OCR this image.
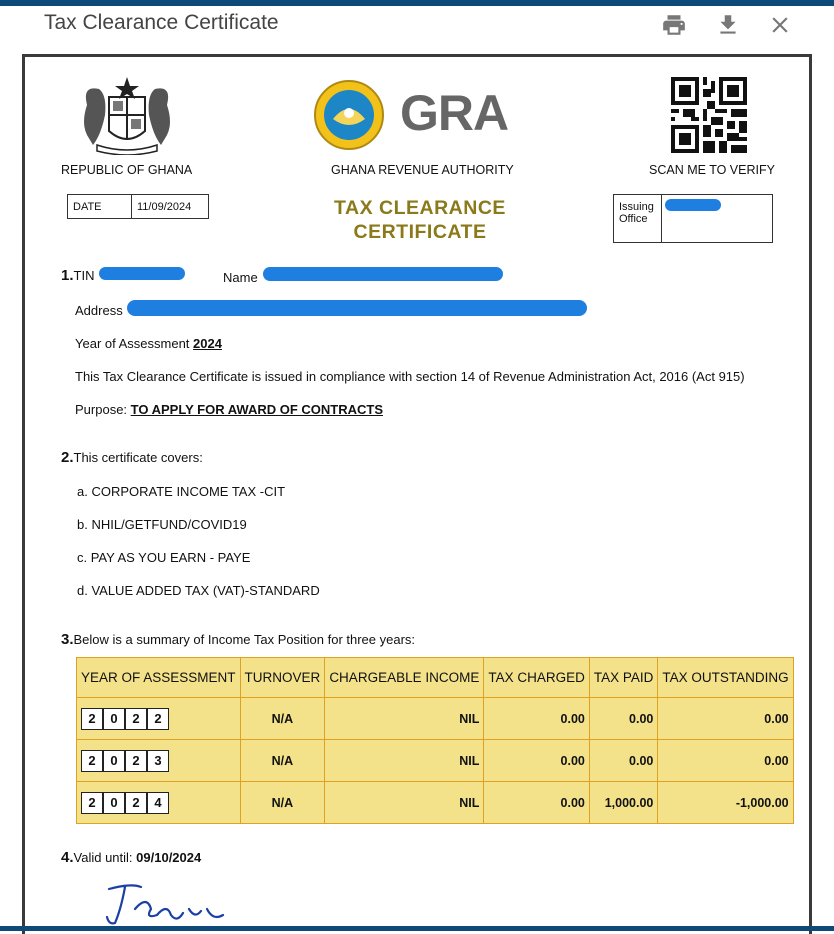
Tax Clearance Certificate
REPUBLIC OF GHANA
GRA
GHANA REVENUE AUTHORITY	SCAN ME TO VERIFY
DATE	11/09/2024	TAX CLEARANCE
CERTIFICATE
Issuing
Office
1.TIN	Name
Address
Year of Assessment 2024
This Tax Clearance Certificate is issued in compliance with section 14 of Revenue Administration Act, 2016 (Act 915)
Purpose: TO APPLY FOR AWARD OF CONTRACTS
2.This certificate covers:
a. CORPORATE INCOME TAX -CIT
b. NHIL/GETFUND/COVID19
c. PAY AS YOU EARN - PAYE
d. VALUE ADDED TAX (VAT)-STANDARD
3.Below is a summary of Income Tax Position for three years:
YEAR OF ASSESSMENT	TURNOVER	CHARGEABLE INCOME	TAX CHARGED	TAX PAID	TAX OUTSTANDING

2 0 2 2	N/A	NIL	0.00	0.00	0.00

2 0 2 3	N/A	NIL	0.00	0.00	0.00

2 0 2 4	N/A	NIL	0.00	1,000.00	-1,000.00
4.Valid until: 09/10/2024
